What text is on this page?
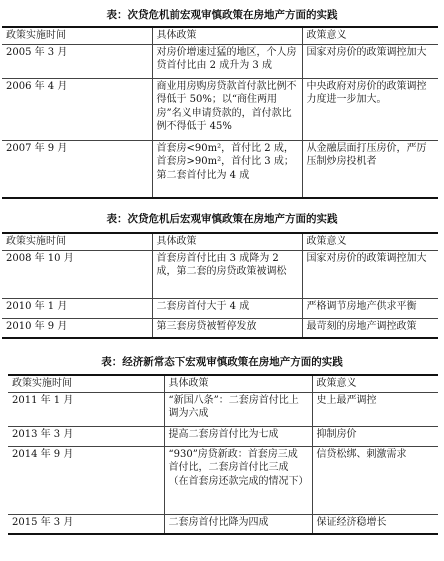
表：次贷危机前宏观审慎政策在房地产方面的实践
政策实施时间	具体政策	政策意义
2005 年 3 月	对房价增速过猛的地区，个人房贷首付比由 2 成升为 3 成	国家对房价的政策调控加大
2006 年 4 月	商业用房购房贷款首付款比例不得低于 50%；以“商住两用房”名义申请贷款的，首付款比例不得低于 45%	中央政府对房价的政策调控力度进一步加大。
2007 年 9 月	首套房<90m²，首付比 2 成，首套房>90m²，首付比 3 成；第二套首付比为 4 成	从金融层面打压房价，严厉压制炒房投机者
表：次贷危机后宏观审慎政策在房地产方面的实践
政策实施时间	具体政策	政策意义
2008 年 10 月	首套房首付比由 3 成降为 2 成，第二套的房贷政策被调松	国家对房价的政策调控加大
2010 年 1 月	二套房首付大于 4 成	严格调节房地产供求平衡
2010 年 9 月	第三套房贷被暂停发放	最苛刻的房地产调控政策
表：经济新常态下宏观审慎政策在房地产方面的实践
政策实施时间	具体政策	政策意义
2011 年 1 月	“新国八条”：二套房首付比上调为六成	史上最严调控
2013 年 3 月	提高二套房首付比为七成	抑制房价
2014 年 9 月	“930”房贷新政：首套房三成首付比，二套房首付比三成（在首套房还款完成的情况下）	信贷松绑、刺激需求
2015 年 3 月	二套房首付比降为四成	保证经济稳增长
